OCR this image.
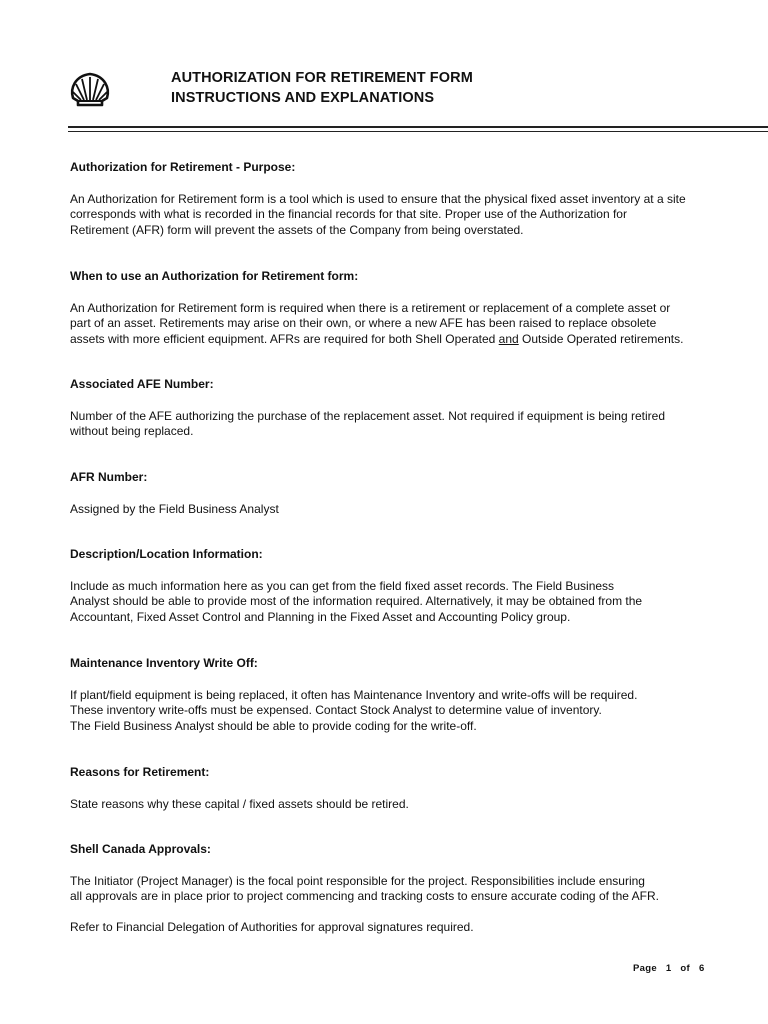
AUTHORIZATION FOR RETIREMENT FORM
INSTRUCTIONS AND EXPLANATIONS
Authorization for Retirement - Purpose:

An Authorization for Retirement form is a tool which is used to ensure that the physical fixed asset inventory at a site
corresponds with what is recorded in the financial records for that site. Proper use of the Authorization for
Retirement (AFR) form will prevent the assets of the Company from being overstated.

When to use an Authorization for Retirement form:

An Authorization for Retirement form is required when there is a retirement or replacement of a complete asset or
part of an asset. Retirements may arise on their own, or where a new AFE has been raised to replace obsolete
assets with more efficient equipment. AFRs are required for both Shell Operated and Outside Operated retirements.

Associated AFE Number:

Number of the AFE authorizing the purchase of the replacement asset. Not required if equipment is being retired
without being replaced.

AFR Number:

Assigned by the Field Business Analyst

Description/Location Information:

Include as much information here as you can get from the field fixed asset records. The Field Business
Analyst should be able to provide most of the information required. Alternatively, it may be obtained from the
Accountant, Fixed Asset Control and Planning in the Fixed Asset and Accounting Policy group.

Maintenance Inventory Write Off:

If plant/field equipment is being replaced, it often has Maintenance Inventory and write-offs will be required.
These inventory write-offs must be expensed. Contact Stock Analyst to determine value of inventory.
The Field Business Analyst should be able to provide coding for the write-off.

Reasons for Retirement:

State reasons why these capital / fixed assets should be retired.

Shell Canada Approvals:

The Initiator (Project Manager) is the focal point responsible for the project. Responsibilities include ensuring
all approvals are in place prior to project commencing and tracking costs to ensure accurate coding of the AFR.

Refer to Financial Delegation of Authorities for approval signatures required.

Page 1 of 6
